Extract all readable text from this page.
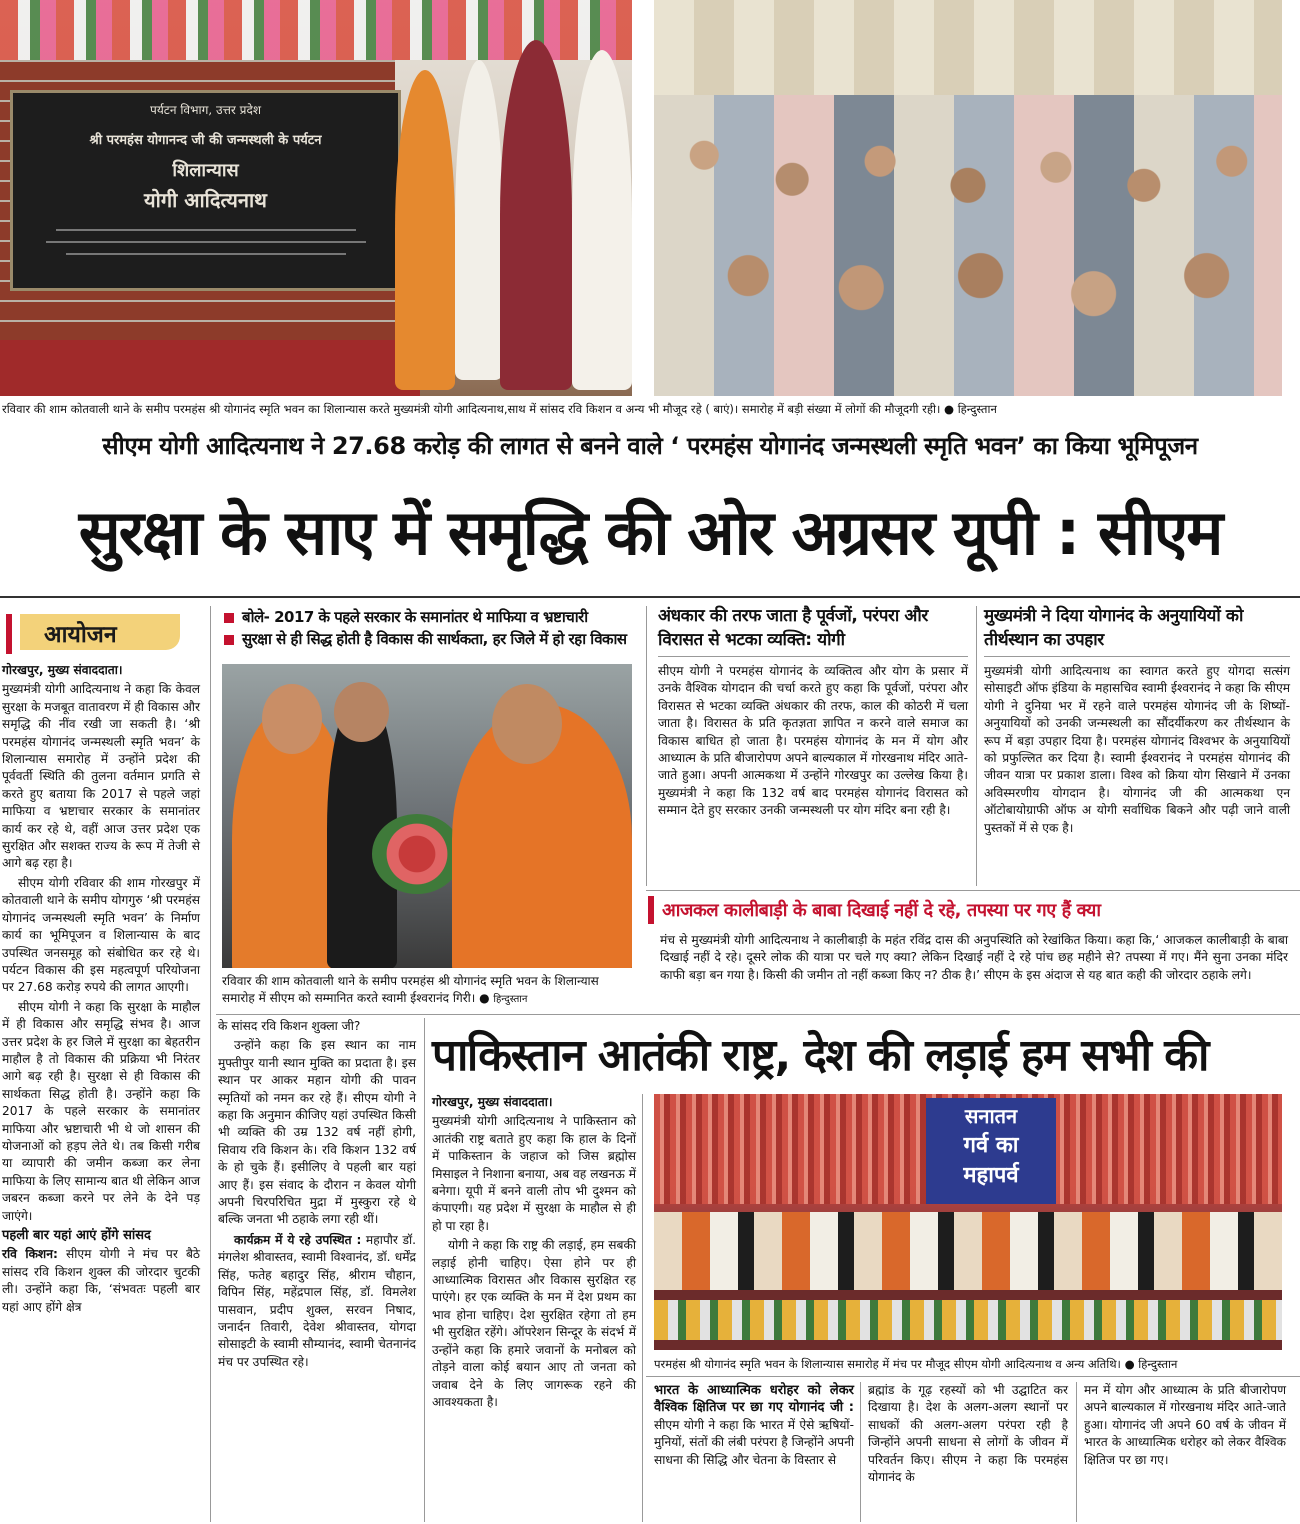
पर्यटन विभाग, उत्तर प्रदेश
श्री परमहंस योगानन्द जी की जन्मस्थली के पर्यटन
शिलान्यास
योगी आदित्यनाथ
रविवार की शाम कोतवाली थाने के समीप परमहंस श्री योगानंद स्मृति भवन का शिलान्यास करते मुख्यमंत्री योगी आदित्यनाथ,साथ में सांसद रवि किशन व अन्य भी मौजूद रहे ( बाएं)। समारोह में बड़ी संख्या में लोगों की मौजूदगी रही। ● हिन्दुस्तान
सीएम योगी आदित्यनाथ ने 27.68 करोड़ की लागत से बनने वाले ‘ परमहंस योगानंद जन्मस्थली स्मृति भवन’ का किया भूमिपूजन
सुरक्षा के साए में समृद्धि की ओर अग्रसर यूपी : सीएम
आयोजन

गोरखपुर, मुख्य संवाददाता।

मुख्यमंत्री योगी आदित्यनाथ ने कहा कि केवल सुरक्षा के मजबूत वातावरण में ही विकास और समृद्धि की नींव रखी जा सकती है। ‘श्री परमहंस योगानंद जन्मस्थली स्मृति भवन’ के शिलान्यास समारोह में उन्होंने प्रदेश की पूर्ववर्ती स्थिति की तुलना वर्तमान प्रगति से करते हुए बताया कि 2017 से पहले जहां माफिया व भ्रष्टाचार सरकार के समानांतर कार्य कर रहे थे, वहीं आज उत्तर प्रदेश एक सुरक्षित और सशक्त राज्य के रूप में तेजी से आगे बढ़ रहा है।

सीएम योगी रविवार की शाम गोरखपुर में कोतवाली थाने के समीप योगगुरु ‘श्री परमहंस योगानंद जन्मस्थली स्मृति भवन’ के निर्माण कार्य का भूमिपूजन व शिलान्यास के बाद उपस्थित जनसमूह को संबोधित कर रहे थे। पर्यटन विकास की इस महत्वपूर्ण परियोजना पर 27.68 करोड़ रुपये की लागत आएगी।

सीएम योगी ने कहा कि सुरक्षा के माहौल में ही विकास और समृद्धि संभव है। आज उत्तर प्रदेश के हर जिले में सुरक्षा का बेहतरीन माहौल है तो विकास की प्रक्रिया भी निरंतर आगे बढ़ रही है। सुरक्षा से ही विकास की सार्थकता सिद्ध होती है। उन्होंने कहा कि 2017 के पहले सरकार के समानांतर माफिया और भ्रष्टाचारी भी थे जो शासन की योजनाओं को हड़प लेते थे। तब किसी गरीब या व्यापारी की जमीन कब्जा कर लेना माफिया के लिए सामान्य बात थी लेकिन आज जबरन कब्जा करने पर लेने के देने पड़ जाएंगे।

पहली बार यहां आएं होंगे सांसद

रवि किशन: सीएम योगी ने मंच पर बैठे सांसद रवि किशन शुक्ल की जोरदार चुटकी ली। उन्होंने कहा कि, ‘संभवतः पहली बार यहां आए होंगे क्षेत्र

बोले- 2017 के पहले सरकार के समानांतर थे माफिया व भ्रष्टाचारी
सुरक्षा से ही सिद्ध होती है विकास की सार्थकता, हर जिले में हो रहा विकास
रविवार की शाम कोतवाली थाने के समीप परमहंस श्री योगानंद स्मृति भवन के शिलान्यास समारोह में सीएम को सम्मानित करते स्वामी ईश्वरानंद गिरी। ● हिन्दुस्तान

के सांसद रवि किशन शुक्ला जी?

उन्होंने कहा कि इस स्थान का नाम मुफ्तीपुर यानी स्थान मुक्ति का प्रदाता है। इस स्थान पर आकर महान योगी की पावन स्मृतियों को नमन कर रहे हैं। सीएम योगी ने कहा कि अनुमान कीजिए यहां उपस्थित किसी भी व्यक्ति की उम्र 132 वर्ष नहीं होगी, सिवाय रवि किशन के। रवि किशन 132 वर्ष के हो चुके हैं। इसीलिए वे पहली बार यहां आए हैं। इस संवाद के दौरान न केवल योगी अपनी चिरपरिचित मुद्रा में मुस्कुरा रहे थे बल्कि जनता भी ठहाके लगा रही थीं।

कार्यक्रम में ये रहे उपस्थित : महापौर डॉ. मंगलेश श्रीवास्तव, स्वामी विश्वानंद, डॉ. धर्मेंद्र सिंह, फतेह बहादुर सिंह, श्रीराम चौहान, विपिन सिंह, महेंद्रपाल सिंह, डॉ. विमलेश पासवान, प्रदीप शुक्ल, सरवन निषाद, जनार्दन तिवारी, देवेश श्रीवास्तव, योगदा सोसाइटी के स्वामी सौम्यानंद, स्वामी चेतनानंद मंच पर उपस्थित रहे।

अंधकार की तरफ जाता है पूर्वजों, परंपरा और विरासत से भटका व्यक्ति: योगी
सीएम योगी ने परमहंस योगानंद के व्यक्तित्व और योग के प्रसार में उनके वैश्विक योगदान की चर्चा करते हुए कहा कि पूर्वजों, परंपरा और विरासत से भटका व्यक्ति अंधकार की तरफ, काल की कोठरी में चला जाता है। विरासत के प्रति कृतज्ञता ज्ञापित न करने वाले समाज का विकास बाधित हो जाता है। परमहंस योगानंद के मन में योग और आध्यात्म के प्रति बीजारोपण अपने बाल्यकाल में गोरखनाथ मंदिर आते-जाते हुआ। अपनी आत्मकथा में उन्होंने गोरखपुर का उल्लेख किया है। मुख्यमंत्री ने कहा कि 132 वर्ष बाद परमहंस योगानंद विरासत को सम्मान देते हुए सरकार उनकी जन्मस्थली पर योग मंदिर बना रही है।
मुख्यमंत्री ने दिया योगानंद के अनुयायियों को तीर्थस्थान का उपहार
मुख्यमंत्री योगी आदित्यनाथ का स्वागत करते हुए योगदा सत्संग सोसाइटी ऑफ इंडिया के महासचिव स्वामी ईश्वरानंद ने कहा कि सीएम योगी ने दुनिया भर में रहने वाले परमहंस योगानंद जी के शिष्यों-अनुयायियों को उनकी जन्मस्थली का सौंदर्यीकरण कर तीर्थस्थान के रूप में बड़ा उपहार दिया है। परमहंस योगानंद विश्वभर के अनुयायियों को प्रफुल्लित कर दिया है। स्वामी ईश्वरानंद ने परमहंस योगानंद की जीवन यात्रा पर प्रकाश डाला। विश्व को क्रिया योग सिखाने में उनका अविस्मरणीय योगदान है। योगानंद जी की आत्मकथा एन ऑटोबायोग्राफी ऑफ अ योगी सर्वाधिक बिकने और पढ़ी जाने वाली पुस्तकों में से एक है।
आजकल कालीबाड़ी के बाबा दिखाई नहीं दे रहे, तपस्या पर गए हैं क्या
मंच से मुख्यमंत्री योगी आदित्यनाथ ने कालीबाड़ी के महंत रविंद्र दास की अनुपस्थिति को रेखांकित किया। कहा कि,‘ आजकल कालीबाड़ी के बाबा दिखाई नहीं दे रहे। दूसरे लोक की यात्रा पर चले गए क्या? लेकिन दिखाई नहीं दे रहे पांच छह महीने से? तपस्या में गए। मैंने सुना उनका मंदिर काफी बड़ा बन गया है। किसी की जमीन तो नहीं कब्जा किए न? ठीक है।’ सीएम के इस अंदाज से यह बात कही की जोरदार ठहाके लगे।
पाकिस्तान आतंकी राष्ट्र, देश की लड़ाई हम सभी की

गोरखपुर, मुख्य संवाददाता।

मुख्यमंत्री योगी आदित्यनाथ ने पाकिस्तान को आतंकी राष्ट्र बताते हुए कहा कि हाल के दिनों में पाकिस्तान के जहाज को जिस ब्रह्मोस मिसाइल ने निशाना बनाया, अब वह लखनऊ में बनेगा। यूपी में बनने वाली तोप भी दुश्मन को कंपाएगी। यह प्रदेश में सुरक्षा के माहौल से ही हो पा रहा है।

योगी ने कहा कि राष्ट्र की लड़ाई, हम सबकी लड़ाई होनी चाहिए। ऐसा होने पर ही आध्यात्मिक विरासत और विकास सुरक्षित रह पाएंगे। हर एक व्यक्ति के मन में देश प्रथम का भाव होना चाहिए। देश सुरक्षित रहेगा तो हम भी सुरक्षित रहेंगे। ऑपरेशन सिन्दूर के संदर्भ में उन्होंने कहा कि हमारे जवानों के मनोबल को तोड़ने वाला कोई बयान आए तो जनता को जवाब देने के लिए जागरूक रहने की आवश्यकता है।

सनातन
गर्व का
महापर्व
परमहंस श्री योगानंद स्मृति भवन के शिलान्यास समारोह में मंच पर मौजूद सीएम योगी आदित्यनाथ व अन्य अतिथि। ● हिन्दुस्तान

भारत के आध्यात्मिक धरोहर को लेकर वैश्विक क्षितिज पर छा गए योगानंद जी : सीएम योगी ने कहा कि भारत में ऐसे ऋषियों-मुनियों, संतों की लंबी परंपरा है जिन्होंने अपनी साधना की सिद्धि और चेतना के विस्तार से

ब्रह्मांड के गूढ़ रहस्यों को भी उद्घाटित कर दिखाया है। देश के अलग-अलग स्थानों पर साधकों की अलग-अलग परंपरा रही है जिन्होंने अपनी साधना से लोगों के जीवन में परिवर्तन किए। सीएम ने कहा कि परमहंस योगानंद के

मन में योग और आध्यात्म के प्रति बीजारोपण अपने बाल्यकाल में गोरखनाथ मंदिर आते-जाते हुआ। योगानंद जी अपने 60 वर्ष के जीवन में भारत के आध्यात्मिक धरोहर को लेकर वैश्विक क्षितिज पर छा गए।
